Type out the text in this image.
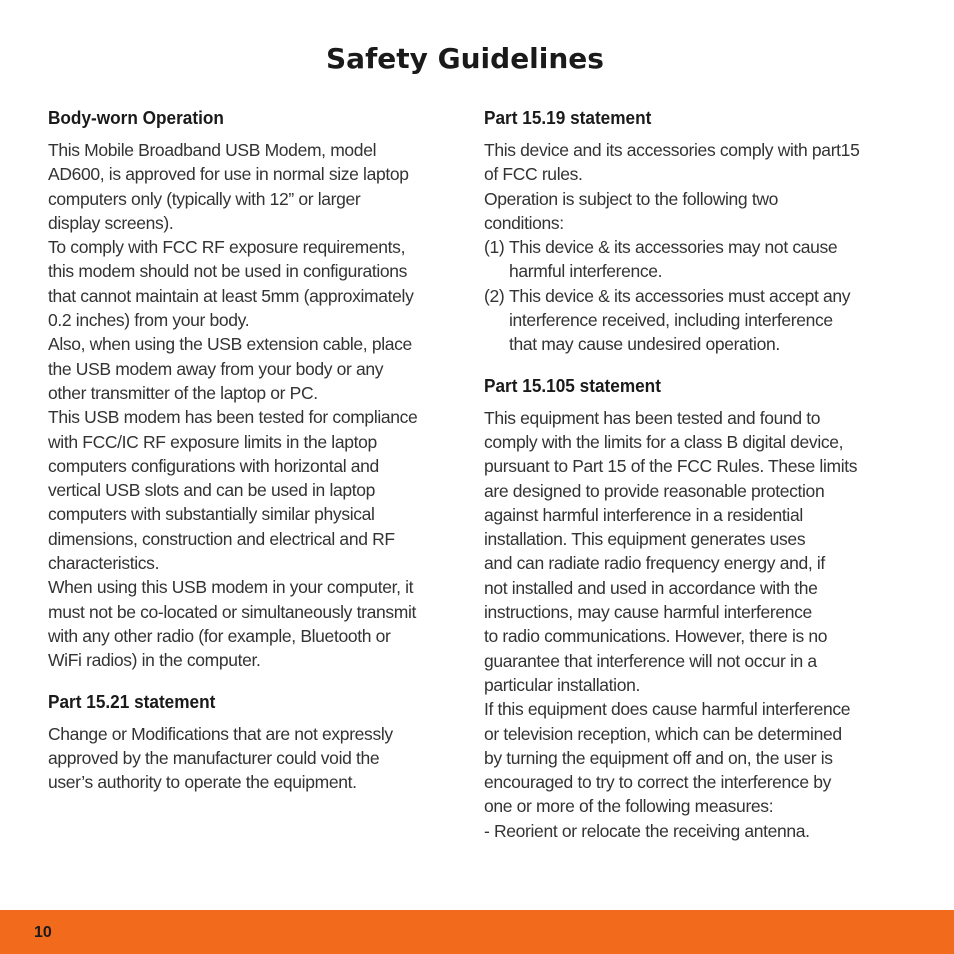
Safety Guidelines
Body-worn Operation

This Mobile Broadband USB Modem, model
AD600, is approved for use in normal size laptop
computers only (typically with 12” or larger
display screens).
To comply with FCC RF exposure requirements,
this modem should not be used in configurations
that cannot maintain at least 5mm (approximately
0.2 inches) from your body.
Also, when using the USB extension cable, place
the USB modem away from your body or any
other transmitter of the laptop or PC.
This USB modem has been tested for compliance
with FCC/IC RF exposure limits in the laptop
computers configurations with horizontal and
vertical USB slots and can be used in laptop
computers with substantially similar physical
dimensions, construction and electrical and RF
characteristics.
When using this USB modem in your computer, it
must not be co-located or simultaneously transmit
with any other radio (for example, Bluetooth or
WiFi radios) in the computer.

Part 15.21 statement

Change or Modifications that are not expressly
approved by the manufacturer could void the
user’s authority to operate the equipment.

Part 15.19 statement

This device and its accessories comply with part15
of FCC rules.
Operation is subject to the following two
conditions:

(1) This device & its accessories may not cause
harmful interference.
(2) This device & its accessories must accept any
interference received, including interference
that may cause undesired operation.
Part 15.105 statement

This equipment has been tested and found to
comply with the limits for a class B digital device,
pursuant to Part 15 of the FCC Rules. These limits
are designed to provide reasonable protection
against harmful interference in a residential
installation. This equipment generates uses
and can radiate radio frequency energy and, if
not installed and used in accordance with the
instructions, may cause harmful interference
to radio communications. However, there is no
guarantee that interference will not occur in a
particular installation.
If this equipment does cause harmful interference
or television reception, which can be determined
by turning the equipment off and on, the user is
encouraged to try to correct the interference by
one or more of the following measures:
- Reorient or relocate the receiving antenna.

10
